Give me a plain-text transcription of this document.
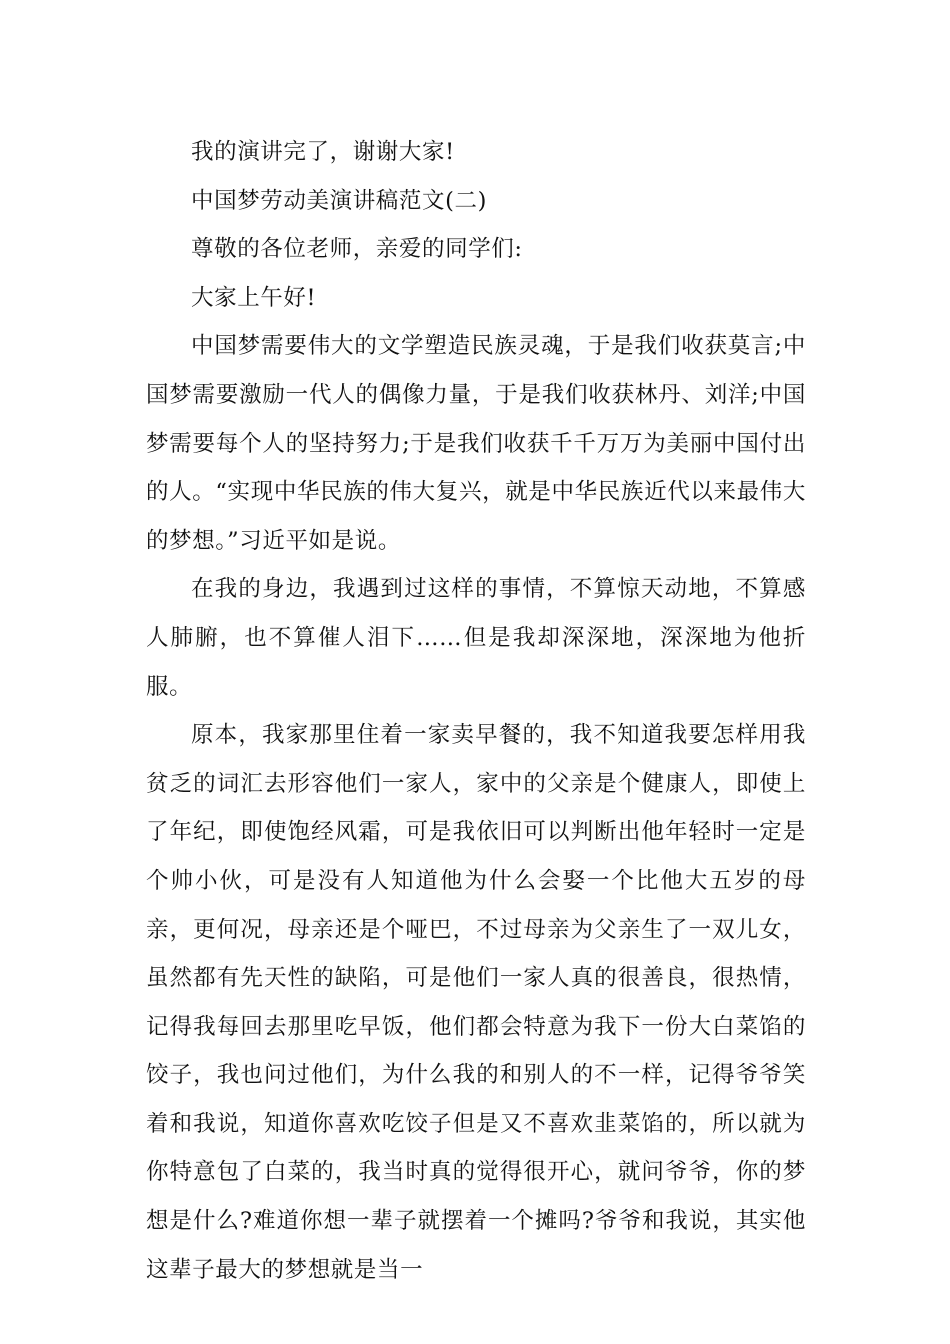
我的演讲完了，谢谢大家!

中国梦劳动美演讲稿范文(二)

尊敬的各位老师，亲爱的同学们:

大家上午好!

中国梦需要伟大的文学塑造民族灵魂，于是我们收获莫言;中国梦需要激励一代人的偶像力量，于是我们收获林丹、刘洋;中国梦需要每个人的坚持努力;于是我们收获千千万万为美丽中国付出的人。“实现中华民族的伟大复兴，就是中华民族近代以来最伟大的梦想。”习近平如是说。

在我的身边，我遇到过这样的事情，不算惊天动地，不算感人肺腑，也不算催人泪下……但是我却深深地，深深地为他折服。

原本，我家那里住着一家卖早餐的，我不知道我要怎样用我贫乏的词汇去形容他们一家人，家中的父亲是个健康人，即使上了年纪，即使饱经风霜，可是我依旧可以判断出他年轻时一定是个帅小伙，可是没有人知道他为什么会娶一个比他大五岁的母亲，更何况，母亲还是个哑巴，不过母亲为父亲生了一双儿女，虽然都有先天性的缺陷，可是他们一家人真的很善良，很热情，记得我每回去那里吃早饭，他们都会特意为我下一份大白菜馅的饺子，我也问过他们，为什么我的和别人的不一样，记得爷爷笑着和我说，知道你喜欢吃饺子但是又不喜欢韭菜馅的，所以就为你特意包了白菜的，我当时真的觉得很开心，就问爷爷，你的梦想是什么?难道你想一辈子就摆着一个摊吗?爷爷和我说，其实他这辈子最大的梦想就是当一
